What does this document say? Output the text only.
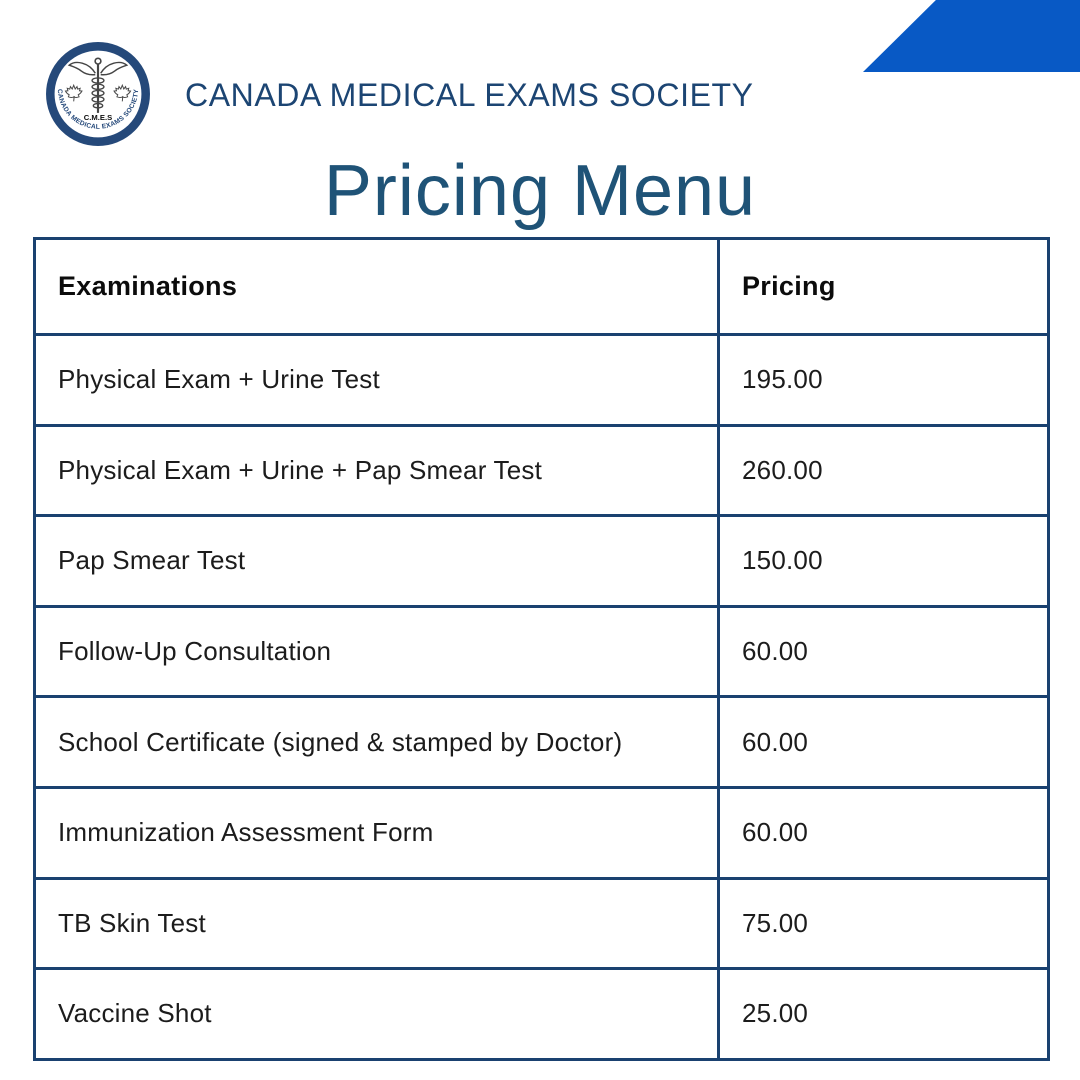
C.M.E.S
CANADA MEDICAL EXAMS SOCIETY CANADA MEDICAL EXAMS SOCIETY
Pricing Menu
Examinations	Pricing
Physical Exam + Urine Test	195.00
Physical Exam + Urine + Pap Smear Test	260.00
Pap Smear Test	150.00
Follow-Up Consultation	60.00
School Certificate (signed & stamped by Doctor)	60.00
Immunization Assessment Form	60.00
TB Skin Test	75.00
Vaccine Shot	25.00
